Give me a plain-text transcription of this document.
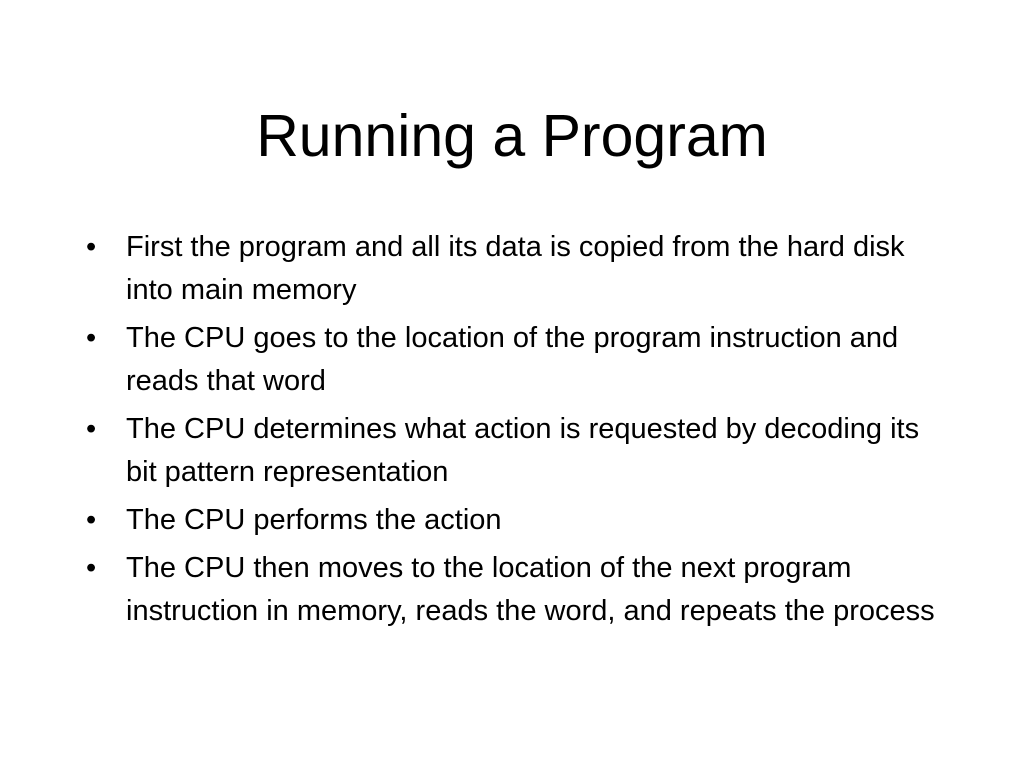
Running a Program
•	First the program and all its data is copied from the hard disk into main memory
•	The CPU goes to the location of the program instruction and reads that word
•	The CPU determines what action is requested by decoding its bit pattern representation
•	The CPU performs the action
•	The CPU then moves to the location of the next program instruction in memory, reads the word, and repeats the process
